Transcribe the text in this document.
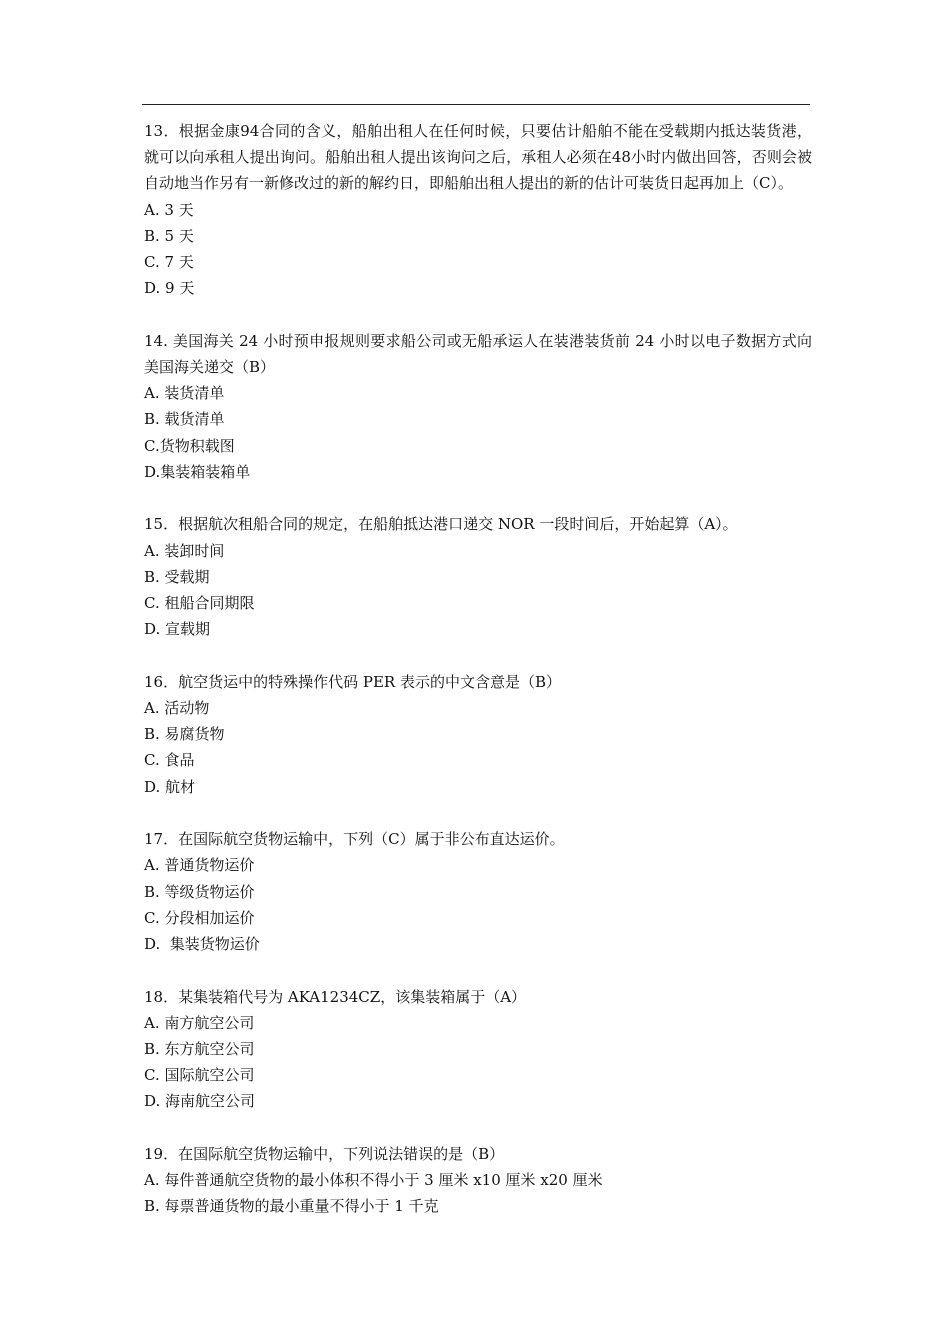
13．根据金康94合同的含义，船舶出租人在任何时候，只要估计船舶不能在受载期内抵达装货港，就可以向承租人提出询问。船舶出租人提出该询问之后，承租人必须在48小时内做出回答，否则会被自动地当作另有一新修改过的新的解约日，即船舶出租人提出的新的估计可装货日起再加上（C）。

A. 3 天

B. 5 天

C. 7 天

D. 9 天

14. 美国海关 24 小时预申报规则要求船公司或无船承运人在装港装货前 24 小时以电子数据方式向美国海关递交（B）

A. 装货清单

B. 载货清单

C.货物积载图

D.集装箱装箱单

15．根据航次租船合同的规定，在船舶抵达港口递交 NOR 一段时间后，开始起算（A）。

A. 装卸时间

B. 受载期

C. 租船合同期限

D. 宣载期

16．航空货运中的特殊操作代码 PER 表示的中文含意是（B）

A. 活动物

B. 易腐货物

C. 食品

D. 航材

17．在国际航空货物运输中，下列（C）属于非公布直达运价。

A. 普通货物运价

B. 等级货物运价

C. 分段相加运价

D.  集装货物运价

18．某集装箱代号为 AKA1234CZ，该集装箱属于（A）

A. 南方航空公司

B. 东方航空公司

C. 国际航空公司

D. 海南航空公司

19．在国际航空货物运输中，下列说法错误的是（B）

A. 每件普通航空货物的最小体积不得小于 3 厘米 x10 厘米 x20 厘米

B. 每票普通货物的最小重量不得小于 1 千克
